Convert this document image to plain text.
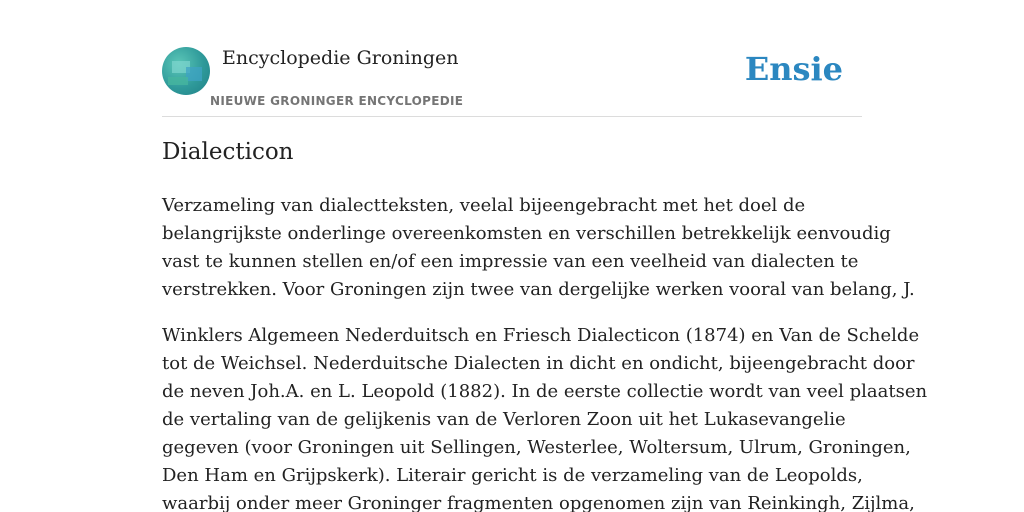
Encyclopedie Groningen
NIEUWE GRONINGER ENCYCLOPEDIE
Ensie
Dialecticon

Verzameling van dialectteksten, veelal bijeengebracht met het doel de
belangrijkste onderlinge overeenkomsten en verschillen betrekkelijk eenvoudig
vast te kunnen stellen en/of een impressie van een veelheid van dialecten te
verstrekken. Voor Groningen zijn twee van dergelijke werken vooral van belang, J.

Winklers Algemeen Nederduitsch en Friesch Dialecticon (1874) en Van de Schelde
tot de Weichsel. Nederduitsche Dialecten in dicht en ondicht, bijeengebracht door
de neven Joh.A. en L. Leopold (1882). In de eerste collectie wordt van veel plaatsen
de vertaling van de gelijkenis van de Verloren Zoon uit het Lukasevangelie
gegeven (voor Groningen uit Sellingen, Westerlee, Woltersum, Ulrum, Groningen,
Den Ham en Grijpskerk). Literair gericht is de verzameling van de Leopolds,
waarbij onder meer Groninger fragmenten opgenomen zijn van Reinkingh, Zijlma,
